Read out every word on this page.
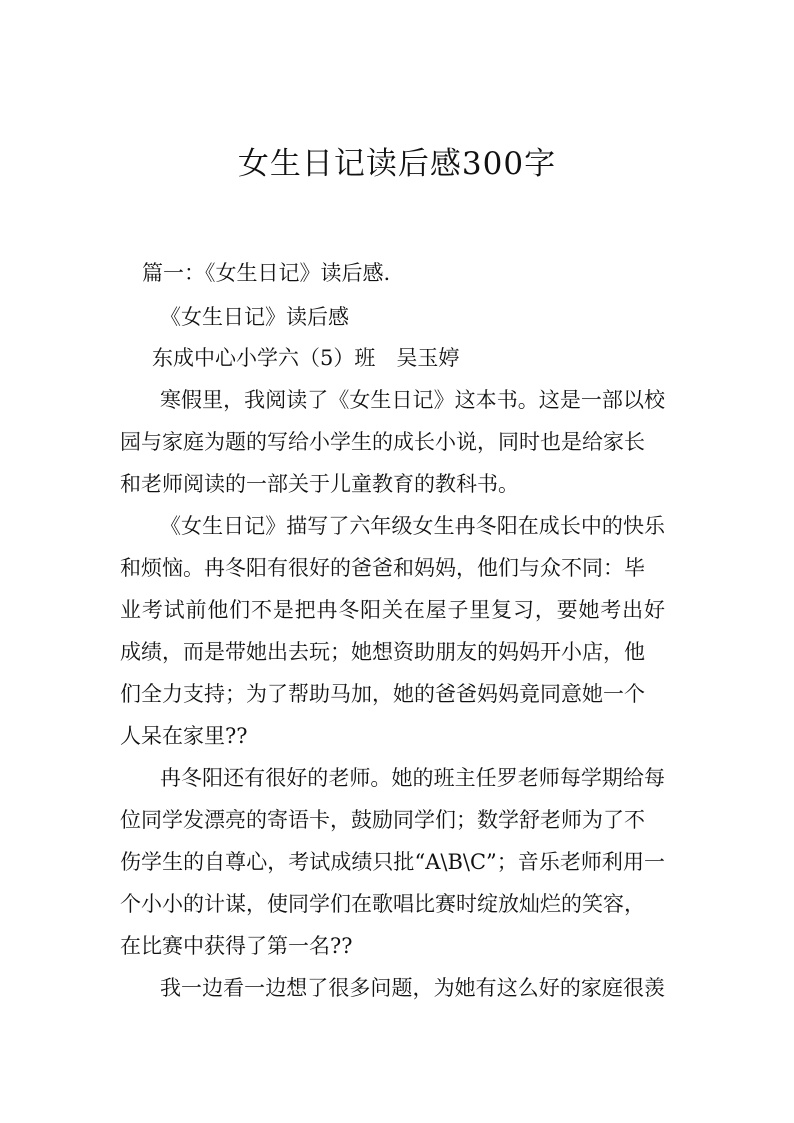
女生日记读后感300字
篇一：《女生日记》读后感.
《女生日记》读后感
东成中心小学六（5）班　吴玉婷
寒假里，我阅读了《女生日记》这本书。这是一部以校
园与家庭为题的写给小学生的成长小说，同时也是给家长
和老师阅读的一部关于儿童教育的教科书。
《女生日记》描写了六年级女生冉冬阳在成长中的快乐
和烦恼。冉冬阳有很好的爸爸和妈妈，他们与众不同：毕
业考试前他们不是把冉冬阳关在屋子里复习，要她考出好
成绩，而是带她出去玩；她想资助朋友的妈妈开小店，他
们全力支持；为了帮助马加，她的爸爸妈妈竟同意她一个
人呆在家里??
冉冬阳还有很好的老师。她的班主任罗老师每学期给每
位同学发漂亮的寄语卡，鼓励同学们；数学舒老师为了不
伤学生的自尊心，考试成绩只批“A\B\C”；音乐老师利用一
个小小的计谋，使同学们在歌唱比赛时绽放灿烂的笑容，
在比赛中获得了第一名??
我一边看一边想了很多问题，为她有这么好的家庭很羡
